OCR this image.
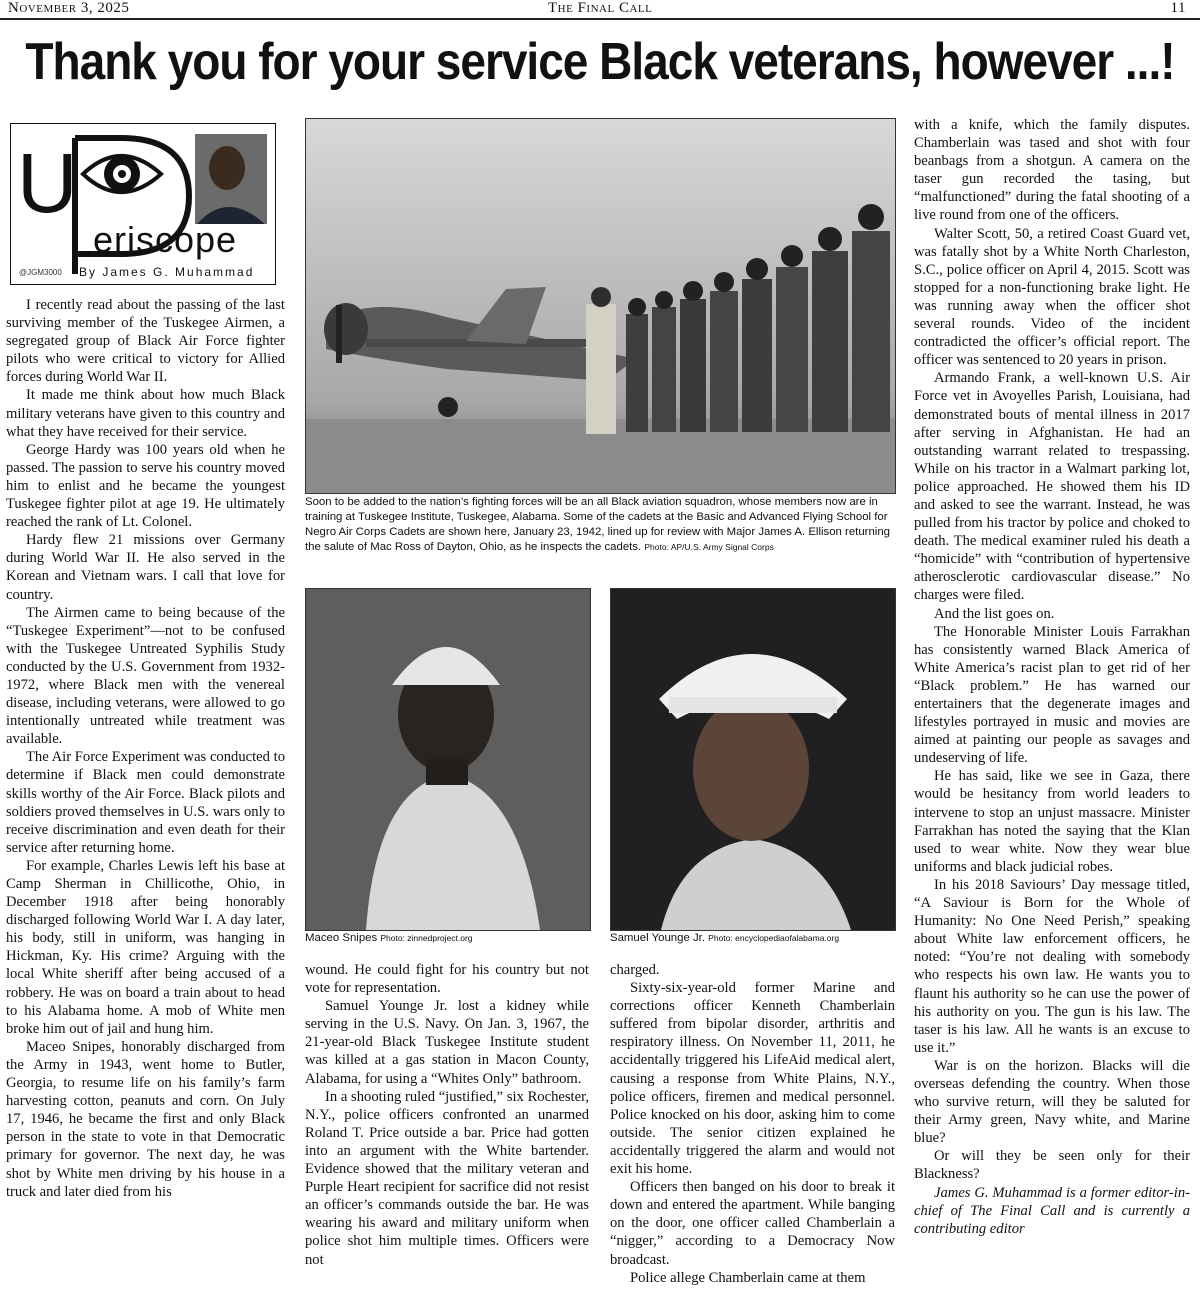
November 3, 2025	The Final Call	11
Thank you for your service Black veterans, however ...!
U
eriscope
@JGM3000 By James G. Muhammad

I recently read about the passing of the last surviving member of the Tuskegee Airmen, a segregated group of Black Air Force fighter pilots who were critical to victory for Allied forces during World War II.

It made me think about how much Black military veterans have given to this country and what they have received for their service.

George Hardy was 100 years old when he passed. The passion to serve his country moved him to enlist and he became the youngest Tuskegee fighter pilot at age 19. He ultimately reached the rank of Lt. Colonel.

Hardy flew 21 missions over Germany during World War II. He also served in the Korean and Vietnam wars. I call that love for country.

The Airmen came to being because of the “Tuskegee Experiment”—not to be confused with the Tuskegee Untreated Syphilis Study conducted by the U.S. Government from 1932-1972, where Black men with the venereal disease, including veterans, were allowed to go intentionally untreated while treatment was available.

The Air Force Experiment was conducted to determine if Black men could demonstrate skills worthy of the Air Force. Black pilots and soldiers proved themselves in U.S. wars only to receive discrimination and even death for their service after returning home.

For example, Charles Lewis left his base at Camp Sherman in Chillicothe, Ohio, in December 1918 after being honorably discharged following World War I. A day later, his body, still in uniform, was hanging in Hickman, Ky. His crime? Arguing with the local White sheriff after being accused of a robbery. He was on board a train about to head to his Alabama home. A mob of White men broke him out of jail and hung him.

Maceo Snipes, honorably discharged from the Army in 1943, went home to Butler, Georgia, to resume life on his family’s farm harvesting cotton, peanuts and corn. On July 17, 1946, he became the first and only Black person in the state to vote in that Democratic primary for governor. The next day, he was shot by White men driving by his house in a truck and later died from his

Soon to be added to the nation’s fighting forces will be an all Black aviation squadron, whose members now are in training at Tuskegee Institute, Tuskegee, Alabama. Some of the cadets at the Basic and Advanced Flying School for Negro Air Corps Cadets are shown here, January 23, 1942, lined up for review with Major James A. Ellison returning the salute of Mac Ross of Dayton, Ohio, as he inspects the cadets. Photo: AP/U.S. Army Signal Corps
Maceo Snipes Photo: zinnedproject.org	Samuel Younge Jr. Photo: encyclopediaofalabama.org

wound. He could fight for his country but not vote for representation.

Samuel Younge Jr. lost a kidney while serving in the U.S. Navy. On Jan. 3, 1967, the 21-year-old Black Tuskegee Institute student was killed at a gas station in Macon County, Alabama, for using a “Whites Only” bathroom.

In a shooting ruled “justified,” six Rochester, N.Y., police officers confronted an unarmed Roland T. Price outside a bar. Price had gotten into an argument with the White bartender. Evidence showed that the military veteran and Purple Heart recipient for sacrifice did not resist an officer’s commands outside the bar. He was wearing his award and military uniform when police shot him multiple times. Officers were not

charged.

Sixty-six-year-old former Marine and corrections officer Kenneth Chamberlain suffered from bipolar disorder, arthritis and respiratory illness. On November 11, 2011, he accidentally triggered his LifeAid medical alert, causing a response from White Plains, N.Y., police officers, firemen and medical personnel. Police knocked on his door, asking him to come outside. The senior citizen explained he accidentally triggered the alarm and would not exit his home.

Officers then banged on his door to break it down and entered the apartment. While banging on the door, one officer called Chamberlain a “nigger,” according to a Democracy Now broadcast.

Police allege Chamberlain came at them

with a knife, which the family disputes. Chamberlain was tased and shot with four beanbags from a shotgun. A camera on the taser gun recorded the tasing, but “malfunctioned” during the fatal shooting of a live round from one of the officers.

Walter Scott, 50, a retired Coast Guard vet, was fatally shot by a White North Charleston, S.C., police officer on April 4, 2015. Scott was stopped for a non-functioning brake light. He was running away when the officer shot several rounds. Video of the incident contradicted the officer’s official report. The officer was sentenced to 20 years in prison.

Armando Frank, a well-known U.S. Air Force vet in Avoyelles Parish, Louisiana, had demonstrated bouts of mental illness in 2017 after serving in Afghanistan. He had an outstanding warrant related to trespassing. While on his tractor in a Walmart parking lot, police approached. He showed them his ID and asked to see the warrant. Instead, he was pulled from his tractor by police and choked to death. The medical examiner ruled his death a “homicide” with “contribution of hypertensive atherosclerotic cardiovascular disease.” No charges were filed.

And the list goes on.

The Honorable Minister Louis Farrakhan has consistently warned Black America of White America’s racist plan to get rid of her “Black problem.” He has warned our entertainers that the degenerate images and lifestyles portrayed in music and movies are aimed at painting our people as savages and undeserving of life.

He has said, like we see in Gaza, there would be hesitancy from world leaders to intervene to stop an unjust massacre. Minister Farrakhan has noted the saying that the Klan used to wear white. Now they wear blue uniforms and black judicial robes.

In his 2018 Saviours’ Day message titled, “A Saviour is Born for the Whole of Humanity: No One Need Perish,” speaking about White law enforcement officers, he noted: “You’re not dealing with somebody who respects his own law. He wants you to flaunt his authority so he can use the power of his authority on you. The gun is his law. The taser is his law. All he wants is an excuse to use it.”

War is on the horizon. Blacks will die overseas defending the country. When those who survive return, will they be saluted for their Army green, Navy white, and Marine blue?

Or will they be seen only for their Blackness?

James G. Muhammad is a former editor-in-chief of The Final Call and is currently a contributing editor
